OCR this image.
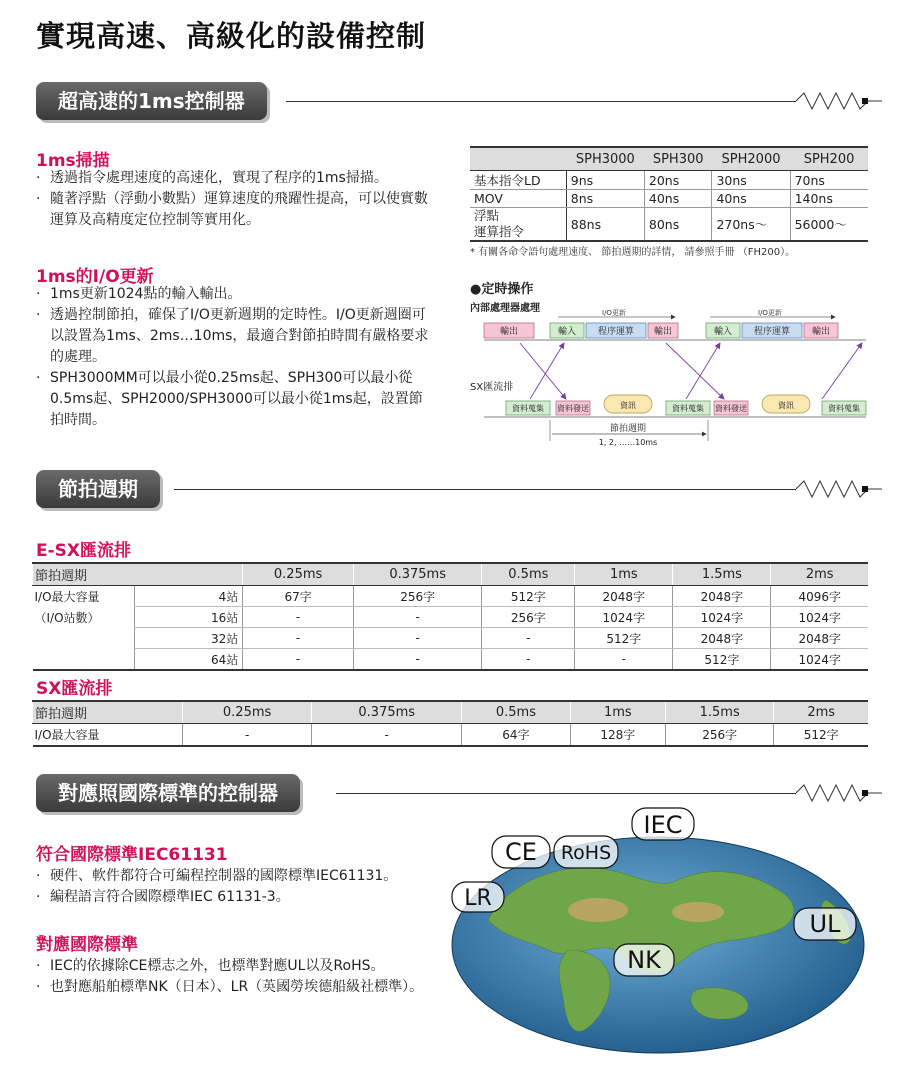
實現高速、高級化的設備控制
超高速的1ms控制器
1ms掃描
· 透過指令處理速度的高速化，實現了程序的1ms掃描。
· 隨著浮點（浮動小數點）運算速度的飛躍性提高，可以使實數運算及高精度定位控制等實用化。
	SPH3000	SPH300	SPH2000	SPH200
基本指令LD	9ns	20ns	30ns	70ns
MOV	8ns	40ns	40ns	140ns
浮點
運算指令	88ns	80ns	270ns～	56000～
* 有關各命令語句處理速度、 節拍週期的詳情， 請參照手冊 （FH200）。
1ms的I/O更新
· 1ms更新1024點的輸入輸出。
· 透過控制節拍，確保了I/O更新週期的定時性。I/O更新週圈可以設置為1ms、2ms…10ms，最適合對節拍時間有嚴格要求的處理。
· SPH3000MM可以最小從0.25ms起、SPH300可以最小從0.5ms起、SPH2000/SPH3000可以最小從1ms起，設置節拍時間。
●定時操作
內部處理器處理
SX匯流排
I/O更新	I/O更新
輸出	輸入 程序運算 輸出	輸入 程序運算 輸出
資料蒐集 資料發送	資訊	資料蒐集 資料發送	資訊	資料蒐集
節拍週期
1, 2, ……10ms
節拍週期
E-SX匯流排
節拍週期		0.25ms	0.375ms	0.5ms	1ms	1.5ms	2ms
I/O最大容量	4站	67字	256字	512字	2048字	2048字	4096字
（I/O站數）	16站	-	-	256字	1024字	1024字	1024字
	32站	-	-	-	512字	2048字	2048字
	64站	-	-	-	-	512字	1024字
SX匯流排
節拍週期	0.25ms	0.375ms	0.5ms	1ms	1.5ms	2ms
I/O最大容量	-	-	64字	128字	256字	512字
對應照國際標準的控制器
符合國際標準IEC61131
· 硬件、軟件都符合可編程控制器的國際標準IEC61131。
· 編程語言符合國際標準IEC 61131-3。
對應國際標準
· IEC的依據除CE標志之外，也標準對應UL以及RoHS。
· 也對應船舶標準NK（日本）、LR（英國勞埃德船級社標準）。
IEC
CE RoHS
LR
UL
NK
